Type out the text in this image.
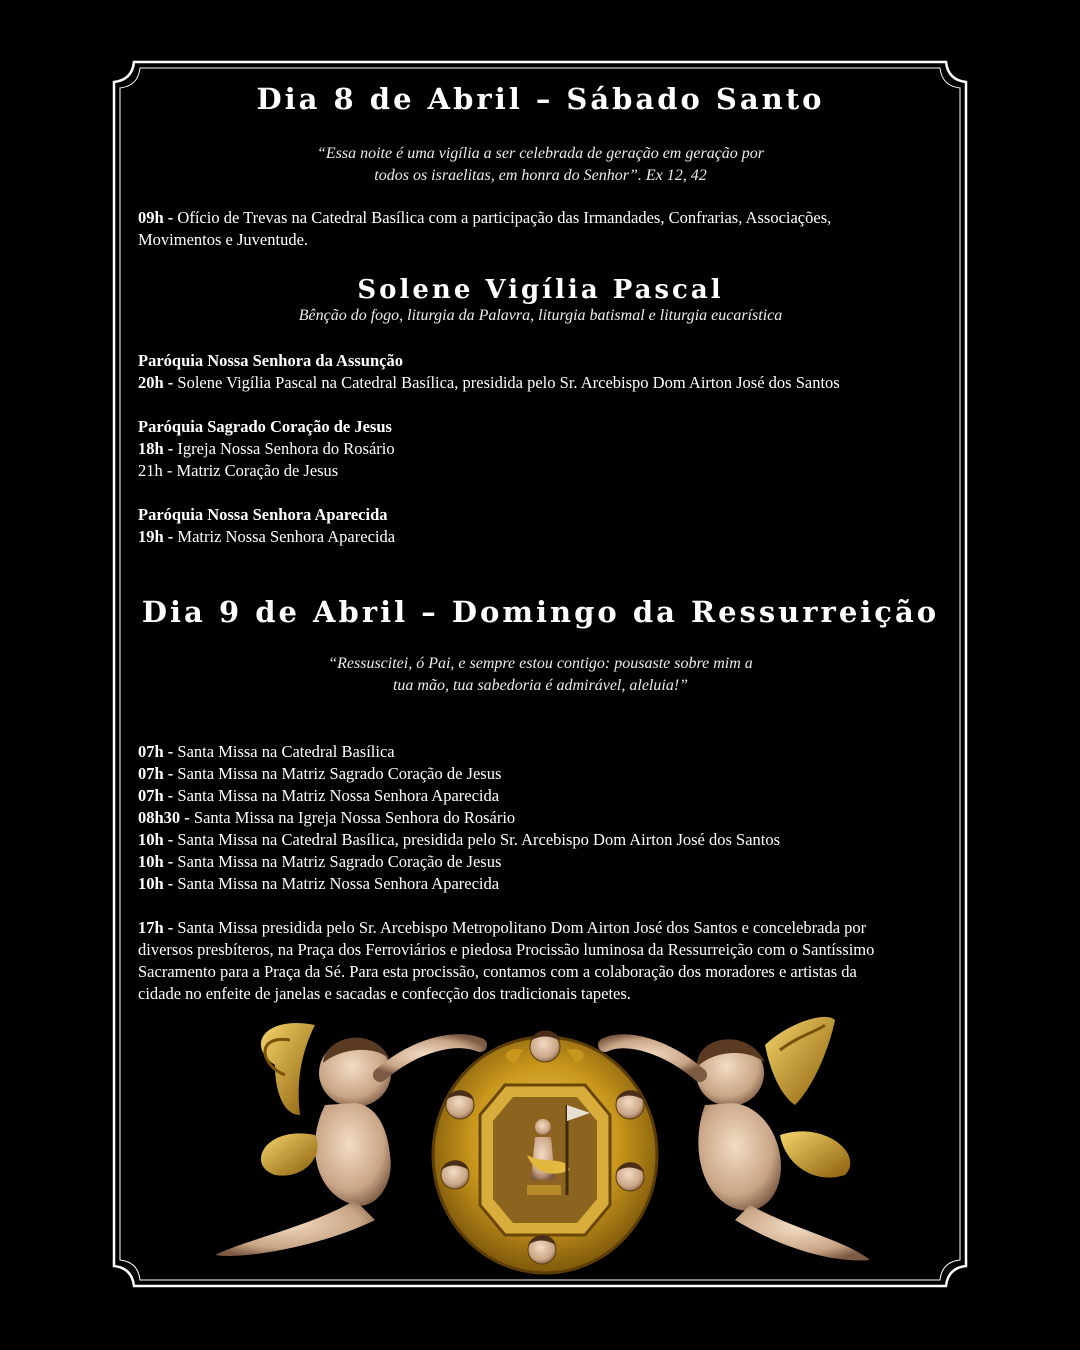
Dia 8 de Abril – Sábado Santo
“Essa noite é uma vigília a ser celebrada de geração em geração por
todos os israelitas, em honra do Senhor”. Ex 12, 42
09h - Ofício de Trevas na Catedral Basílica com a participação das Irmandades, Confrarias, Associações,
Movimentos e Juventude.
Solene Vigília Pascal
Bênção do fogo, liturgia da Palavra, liturgia batismal e liturgia eucarística
Paróquia Nossa Senhora da Assunção
20h - Solene Vigília Pascal na Catedral Basílica, presidida pelo Sr. Arcebispo Dom Airton José dos Santos
Paróquia Sagrado Coração de Jesus
18h - Igreja Nossa Senhora do Rosário
21h - Matriz Coração de Jesus
Paróquia Nossa Senhora Aparecida
19h - Matriz Nossa Senhora Aparecida
Dia 9 de Abril – Domingo da Ressurreição
“Ressuscitei, ó Pai, e sempre estou contigo: pousaste sobre mim a
tua mão, tua sabedoria é admirável, aleluia!”
07h - Santa Missa na Catedral Basílica
07h - Santa Missa na Matriz Sagrado Coração de Jesus
07h - Santa Missa na Matriz Nossa Senhora Aparecida
08h30 - Santa Missa na Igreja Nossa Senhora do Rosário
10h - Santa Missa na Catedral Basílica, presidida pelo Sr. Arcebispo Dom Airton José dos Santos
10h - Santa Missa na Matriz Sagrado Coração de Jesus
10h - Santa Missa na Matriz Nossa Senhora Aparecida
17h - Santa Missa presidida pelo Sr. Arcebispo Metropolitano Dom Airton José dos Santos e concelebrada por
diversos presbíteros, na Praça dos Ferroviários e piedosa Procissão luminosa da Ressurreição com o Santíssimo
Sacramento para a Praça da Sé. Para esta procissão, contamos com a colaboração dos moradores e artistas da
cidade no enfeite de janelas e sacadas e confecção dos tradicionais tapetes.
